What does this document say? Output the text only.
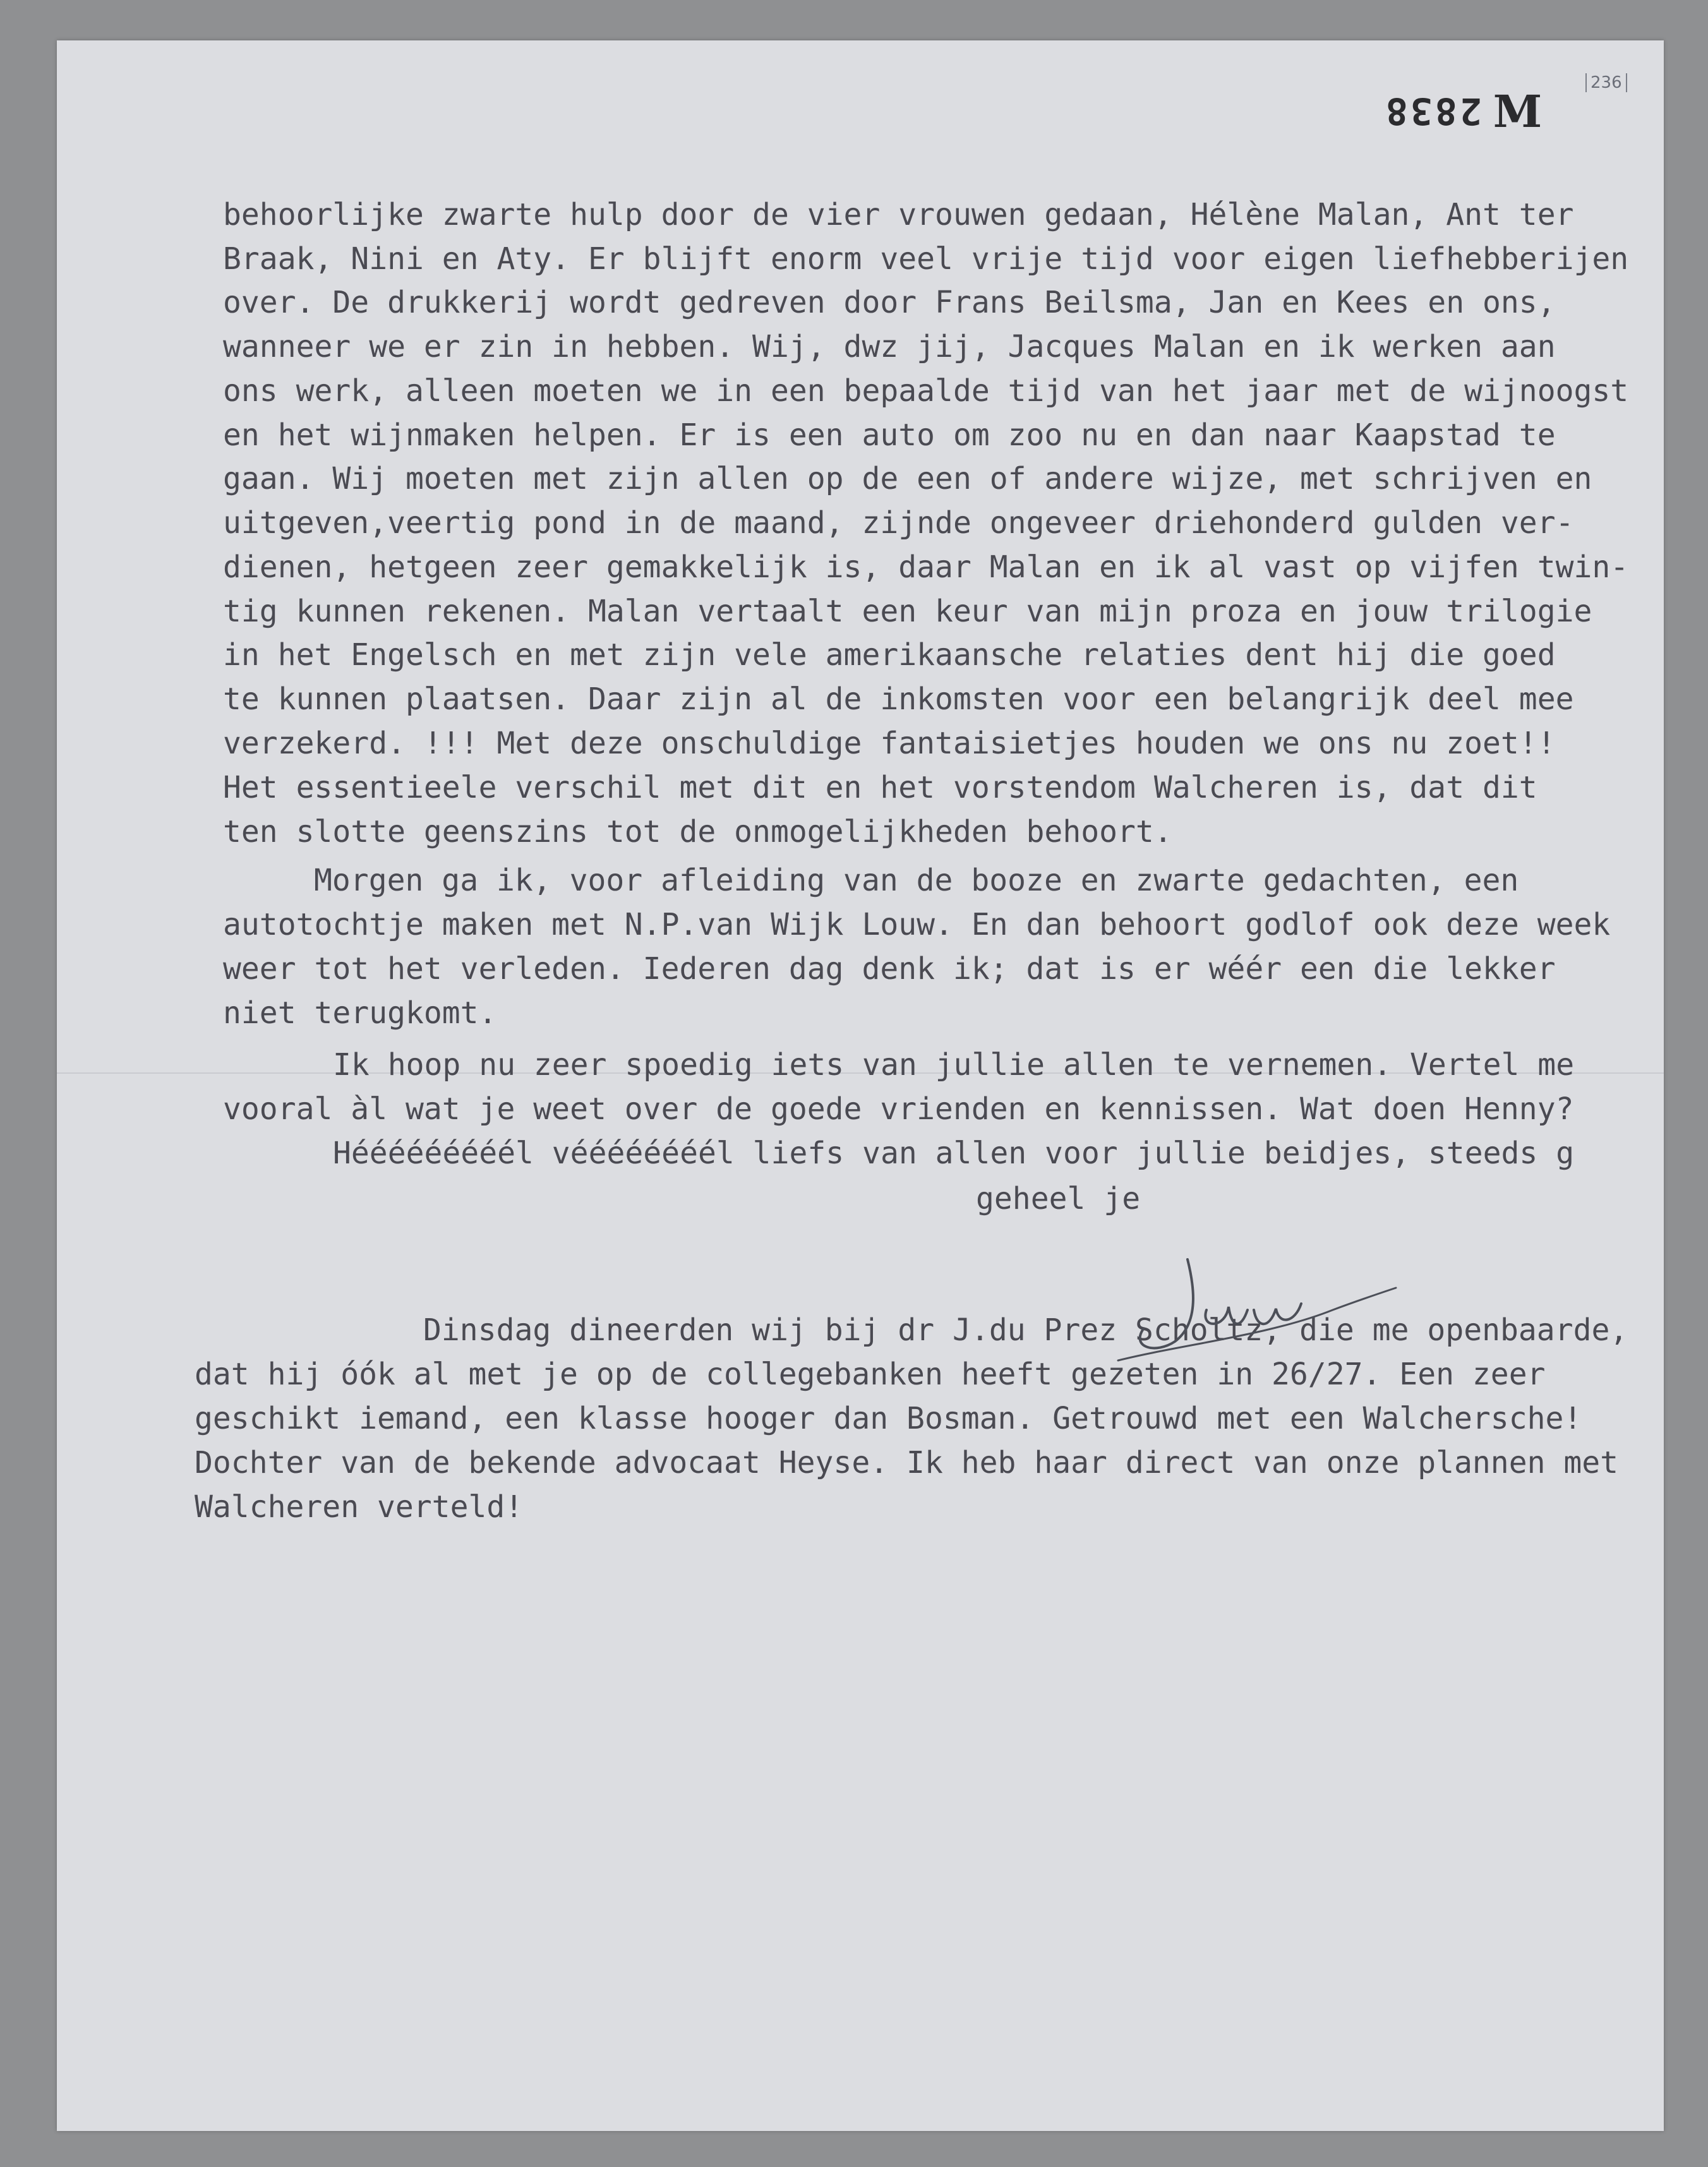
2838 M
236

behoorlijke zwarte hulp door de vier vrouwen gedaan, Hélène Malan, Ant ter

Braak, Nini en Aty. Er blijft enorm veel vrije tijd voor eigen liefhebberijen

over. De drukkerij wordt gedreven door Frans Beilsma, Jan en Kees en ons,

wanneer we er zin in hebben. Wij, dwz jij, Jacques Malan en ik werken aan

ons werk, alleen moeten we in een bepaalde tijd van het jaar met de wijnoogst

en het wijnmaken helpen. Er is een auto om zoo nu en dan naar Kaapstad te

gaan. Wij moeten met zijn allen op de een of andere wijze, met schrijven en

uitgeven,veertig pond in de maand, zijnde ongeveer driehonderd gulden ver-

dienen, hetgeen zeer gemakkelijk is, daar Malan en ik al vast op vijfen twin-

tig kunnen rekenen. Malan vertaalt een keur van mijn proza en jouw trilogie

in het Engelsch en met zijn vele amerikaansche relaties dent hij die goed

te kunnen plaatsen. Daar zijn al de inkomsten voor een belangrijk deel mee

verzekerd. !!! Met deze onschuldige fantaisietjes houden we ons nu zoet!!

Het essentieele verschil met dit en het vorstendom Walcheren is, dat dit

ten slotte geenszins tot de onmogelijkheden behoort.

Morgen ga ik, voor afleiding van de booze en zwarte gedachten, een

autotochtje maken met N.P.van Wijk Louw. En dan behoort godlof ook deze week

weer tot het verleden. Iederen dag denk ik; dat is er wéér een die lekker

niet terugkomt.

Ik hoop nu zeer spoedig iets van jullie allen te vernemen. Vertel me

vooral àl wat je weet over de goede vrienden en kennissen. Wat doen Henny?

Hééééééééél véééééééél liefs van allen voor jullie beidjes, steeds g

geheel je

Dinsdag dineerden wij bij dr J.du Prez Scholtz, die me openbaarde,

dat hij óók al met je op de collegebanken heeft gezeten in 26/27. Een zeer

geschikt iemand, een klasse hooger dan Bosman. Getrouwd met een Walchersche!

Dochter van de bekende advocaat Heyse. Ik heb haar direct van onze plannen met

Walcheren verteld!
